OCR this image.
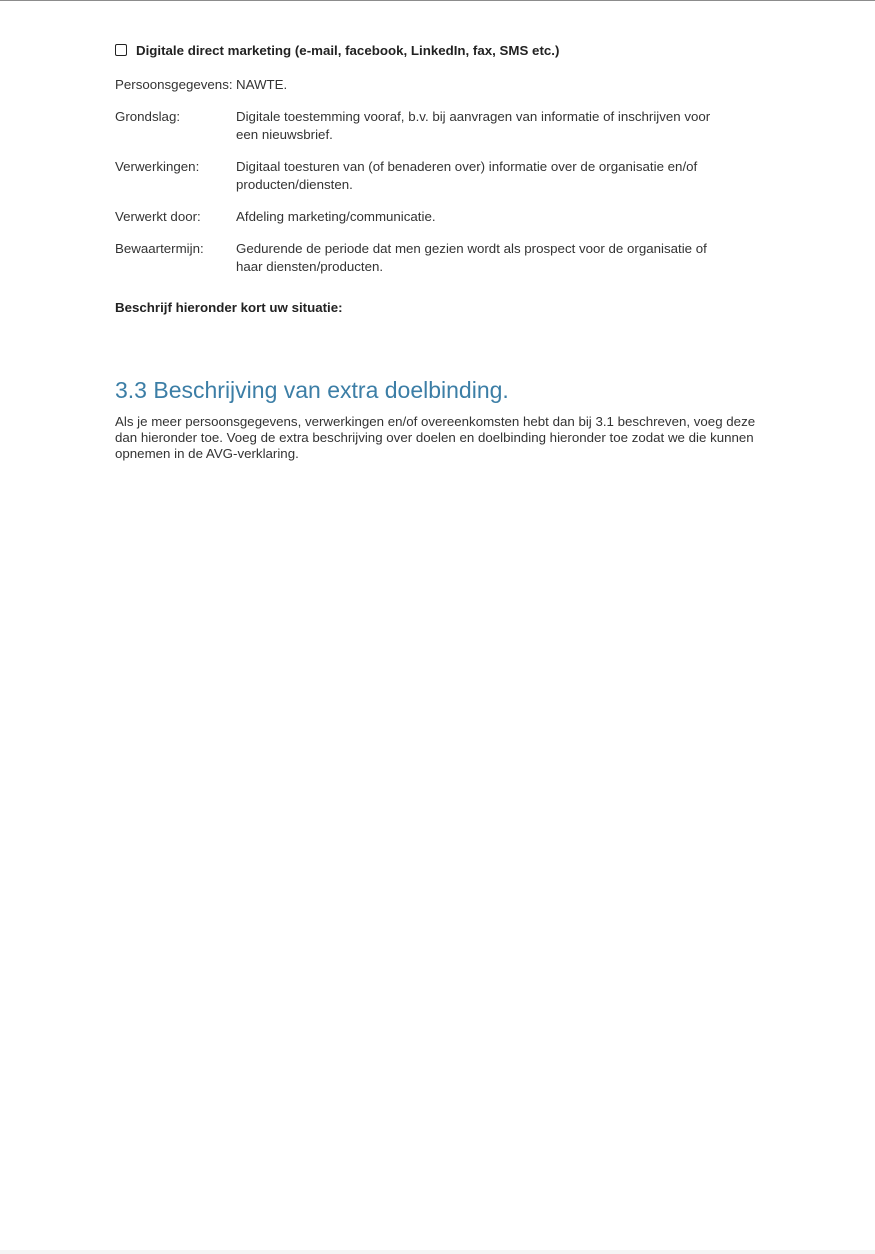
Digitale direct marketing (e-mail, facebook, LinkedIn, fax, SMS etc.)
Persoonsgegevens:	NAWTE.

Grondslag:	Digitale toestemming vooraf, b.v. bij aanvragen van informatie of inschrijven voor een nieuwsbrief.

Verwerkingen:	Digitaal toesturen van (of benaderen over) informatie over de organisatie en/of producten/diensten.

Verwerkt door:	Afdeling marketing/communicatie.

Bewaartermijn:	Gedurende de periode dat men gezien wordt als prospect voor de organisatie of haar diensten/producten.
Beschrijf hieronder kort uw situatie:
3.3 Beschrijving van extra doelbinding.

Als je meer persoonsgegevens, verwerkingen en/of overeenkomsten hebt dan bij 3.1 beschreven, voeg deze dan hieronder toe. Voeg de extra beschrijving over doelen en doelbinding hieronder toe zodat we die kunnen opnemen in de AVG-verklaring.
